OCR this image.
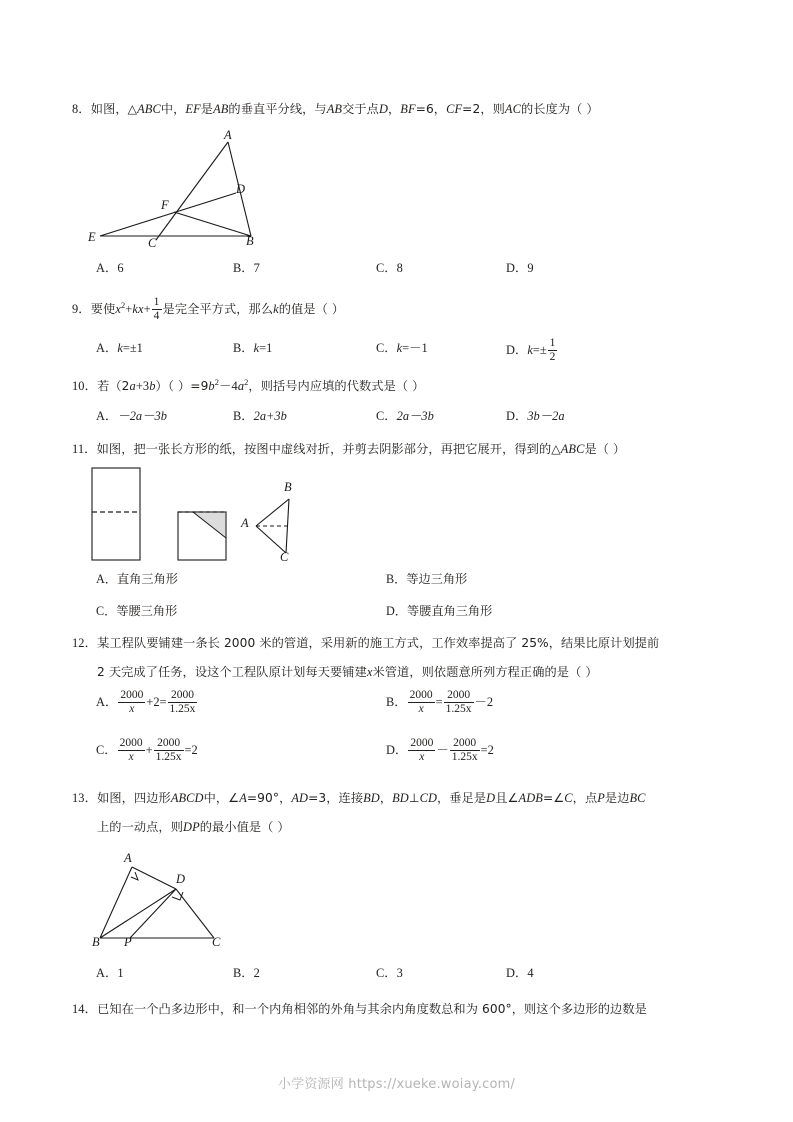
8．如图，△ABC中，EF是AB的垂直平分线，与AB交于点D，BF=6，CF=2，则AC的长度为（ ）
A
D
F
E	C	B
A．6	B．7	C．8	D．9
9．要使$x^2+kx+ \frac{1}{4}$ 是完全平方式，那么k的值是（ ）
A．k=±1	B．k=1	C．k=－1	D．$k=\pm \frac{1}{2}$
10．若（2a+3b）（ ）$=9b^2-4a^2$，则括号内应填的代数式是（ ）
A．－2a－3b	B．2a+3b	C．2a－3b	D．3b－2a
11．如图，把一张长方形的纸，按图中虚线对折，并剪去阴影部分，再把它展开，得到的△ABC是（ ）
B
A
C
A．直角三角形	B．等边三角形
C．等腰三角形	D．等腰直角三角形
12．某工程队要铺建一条长 2000 米的管道，采用新的施工方式，工作效率提高了 25%，结果比原计划提前
2 天完成了任务，设这个工程队原计划每天要铺建x米管道，则依题意所列方程正确的是（ ）
A． $\frac{2000}{x} +2= \frac{2000}{1.25x}$	B． $\frac{2000}{x} = \frac{2000}{1.25x} -2$
C． $\frac{2000}{x} + \frac{2000}{1.25x} =2$	D． $\frac{2000}{x} - \frac{2000}{1.25x} =2$
13．如图，四边形ABCD中，∠A=90°，AD=3，连接BD，BD⊥CD，垂足是D且∠ADB=∠C，点P是边BC
上的一动点，则DP的最小值是（ ）
A
D
B P	C
A．1	B．2	C．3	D．4
14．已知在一个凸多边形中，和一个内角相邻的外角与其余内角度数总和为 600°，则这个多边形的边数是
小学资源网 https://xueke.woiay.com/
